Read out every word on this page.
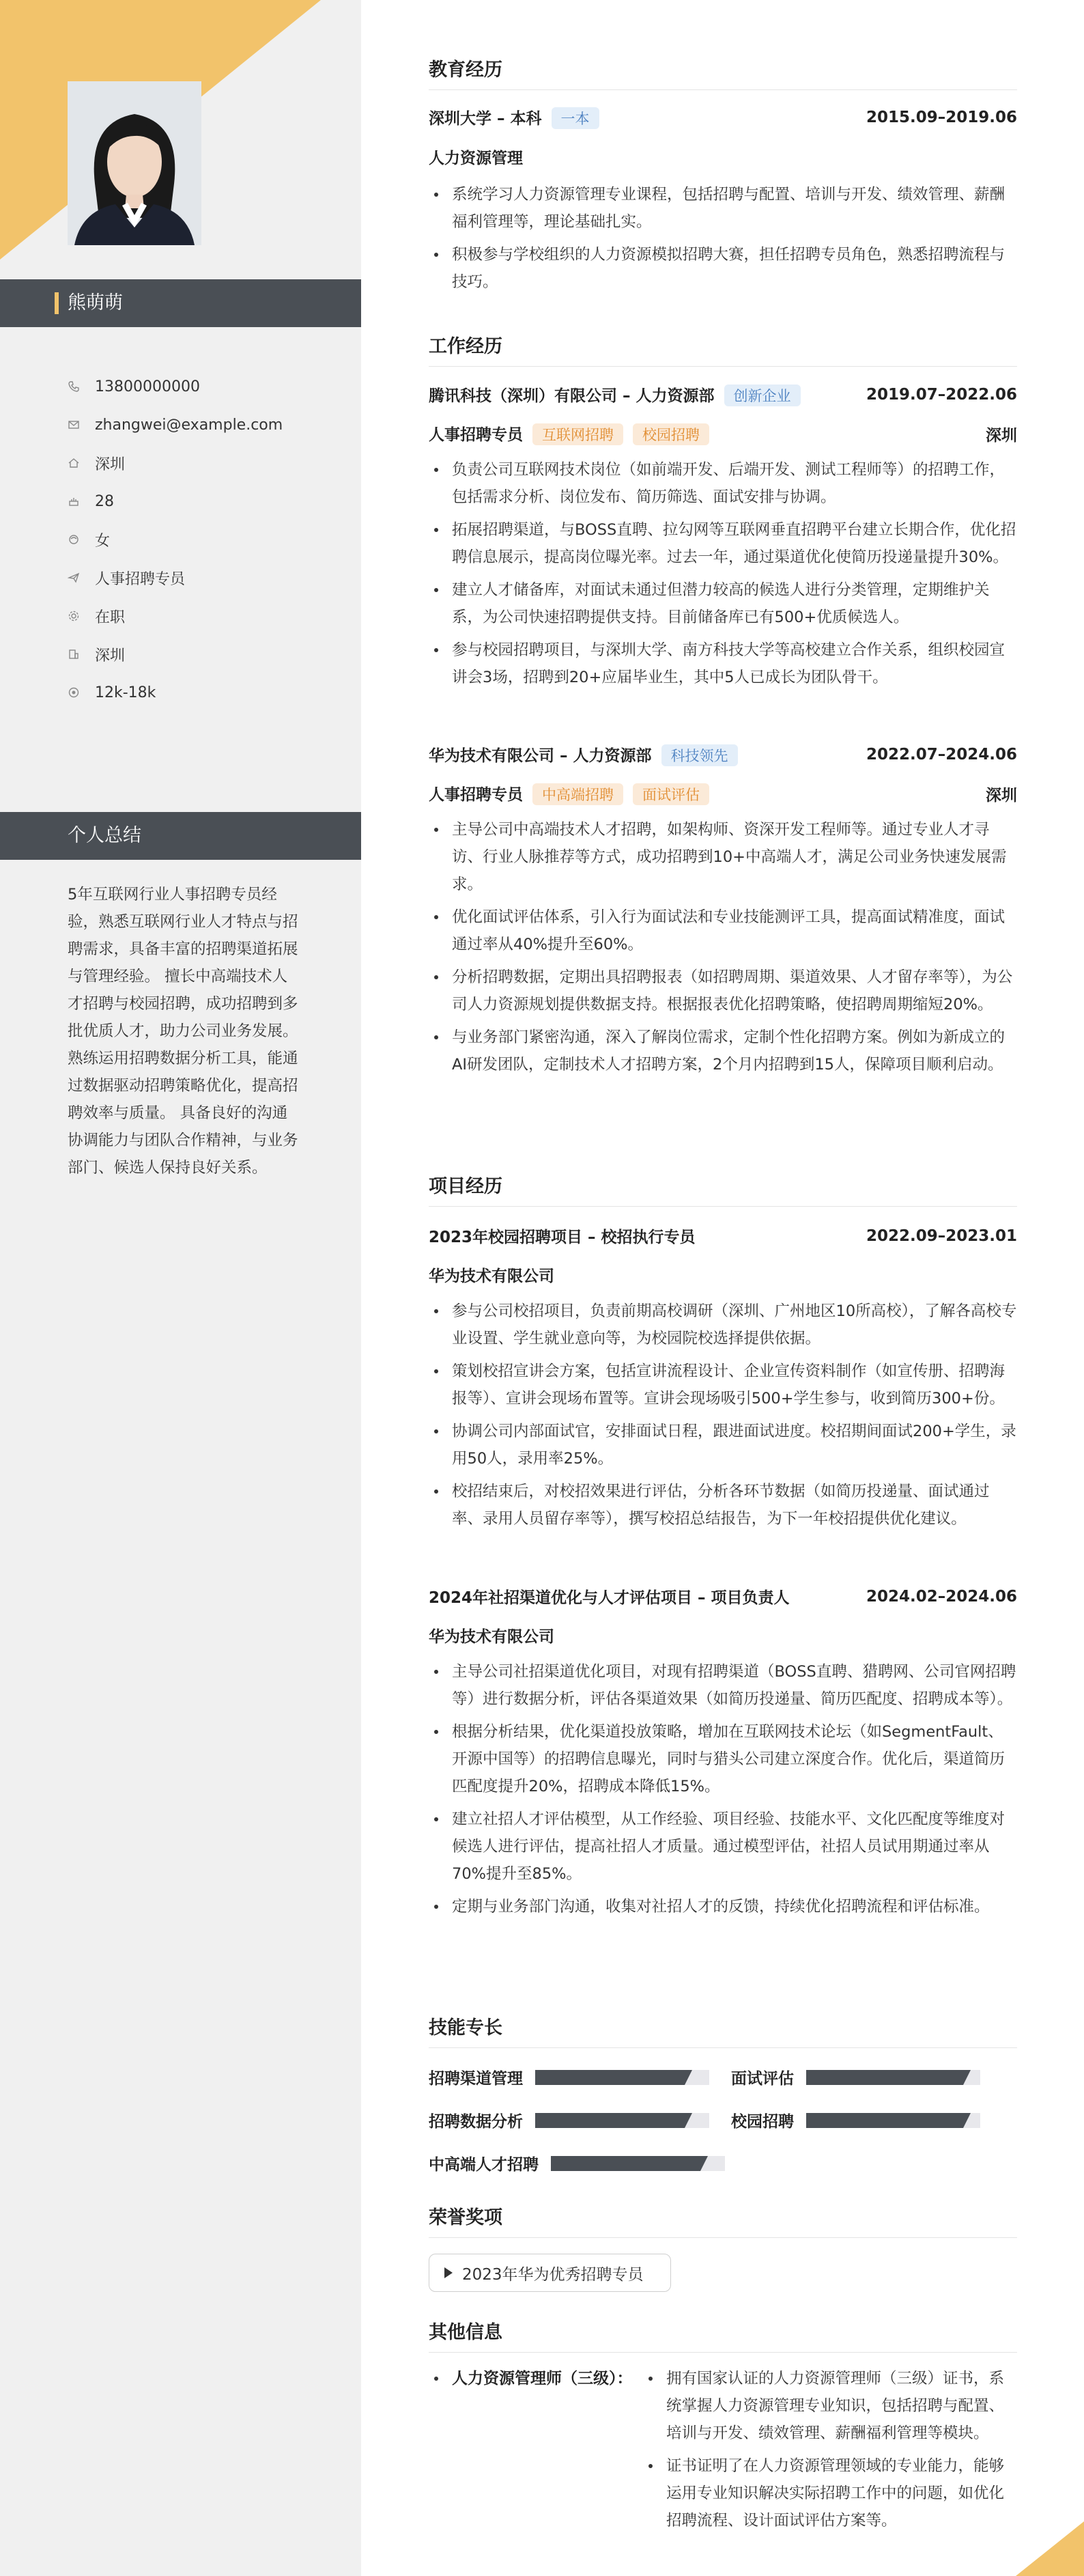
熊萌萌
13800000000
zhangwei@example.com
深圳
28
女
人事招聘专员
在职
深圳
12k-18k
个人总结
5年互联网行业人事招聘专员经验，熟悉互联网行业人才特点与招聘需求，具备丰富的招聘渠道拓展与管理经验。 擅长中高端技术人才招聘与校园招聘，成功招聘到多批优质人才，助力公司业务发展。 熟练运用招聘数据分析工具，能通过数据驱动招聘策略优化，提高招聘效率与质量。 具备良好的沟通协调能力与团队合作精神，与业务部门、候选人保持良好关系。
教育经历
深圳大学 – 本科 一本	2015.09–2019.06
人力资源管理
系统学习人力资源管理专业课程，包括招聘与配置、培训与开发、绩效管理、薪酬福利管理等，理论基础扎实。
积极参与学校组织的人力资源模拟招聘大赛，担任招聘专员角色，熟悉招聘流程与技巧。
工作经历
腾讯科技（深圳）有限公司 – 人力资源部 创新企业	2019.07–2022.06
人事招聘专员 互联网招聘 校园招聘	深圳
负责公司互联网技术岗位（如前端开发、后端开发、测试工程师等）的招聘工作，包括需求分析、岗位发布、简历筛选、面试安排与协调。
拓展招聘渠道，与BOSS直聘、拉勾网等互联网垂直招聘平台建立长期合作，优化招聘信息展示，提高岗位曝光率。过去一年，通过渠道优化使简历投递量提升30%。
建立人才储备库，对面试未通过但潜力较高的候选人进行分类管理，定期维护关系，为公司快速招聘提供支持。目前储备库已有500+优质候选人。
参与校园招聘项目，与深圳大学、南方科技大学等高校建立合作关系，组织校园宣讲会3场，招聘到20+应届毕业生，其中5人已成长为团队骨干。
华为技术有限公司 – 人力资源部 科技领先	2022.07–2024.06
人事招聘专员 中高端招聘 面试评估	深圳
主导公司中高端技术人才招聘，如架构师、资深开发工程师等。通过专业人才寻访、行业人脉推荐等方式，成功招聘到10+中高端人才，满足公司业务快速发展需求。
优化面试评估体系，引入行为面试法和专业技能测评工具，提高面试精准度，面试通过率从40%提升至60%。
分析招聘数据，定期出具招聘报表（如招聘周期、渠道效果、人才留存率等），为公司人力资源规划提供数据支持。根据报表优化招聘策略，使招聘周期缩短20%。
与业务部门紧密沟通，深入了解岗位需求，定制个性化招聘方案。例如为新成立的AI研发团队，定制技术人才招聘方案，2个月内招聘到15人，保障项目顺利启动。
项目经历
2023年校园招聘项目 – 校招执行专员	2022.09–2023.01
华为技术有限公司
参与公司校招项目，负责前期高校调研（深圳、广州地区10所高校），了解各高校专业设置、学生就业意向等，为校园院校选择提供依据。
策划校招宣讲会方案，包括宣讲流程设计、企业宣传资料制作（如宣传册、招聘海报等）、宣讲会现场布置等。宣讲会现场吸引500+学生参与，收到简历300+份。
协调公司内部面试官，安排面试日程，跟进面试进度。校招期间面试200+学生，录用50人，录用率25%。
校招结束后，对校招效果进行评估，分析各环节数据（如简历投递量、面试通过率、录用人员留存率等），撰写校招总结报告，为下一年校招提供优化建议。
2024年社招渠道优化与人才评估项目 – 项目负责人	2024.02–2024.06
华为技术有限公司
主导公司社招渠道优化项目，对现有招聘渠道（BOSS直聘、猎聘网、公司官网招聘等）进行数据分析，评估各渠道效果（如简历投递量、简历匹配度、招聘成本等）。
根据分析结果，优化渠道投放策略，增加在互联网技术论坛（如SegmentFault、开源中国等）的招聘信息曝光，同时与猎头公司建立深度合作。优化后，渠道简历匹配度提升20%，招聘成本降低15%。
建立社招人才评估模型，从工作经验、项目经验、技能水平、文化匹配度等维度对候选人进行评估，提高社招人才质量。通过模型评估，社招人员试用期通过率从70%提升至85%。
定期与业务部门沟通，收集对社招人才的反馈，持续优化招聘流程和评估标准。
技能专长
招聘渠道管理	面试评估
招聘数据分析	校园招聘
中高端人才招聘
荣誉奖项
2023年华为优秀招聘专员
其他信息
人力资源管理师（三级）：	拥有国家认证的人力资源管理师（三级）证书，系统掌握人力资源管理专业知识，包括招聘与配置、培训与开发、绩效管理、薪酬福利管理等模块。
证书证明了在人力资源管理领域的专业能力，能够运用专业知识解决实际招聘工作中的问题，如优化招聘流程、设计面试评估方案等。
